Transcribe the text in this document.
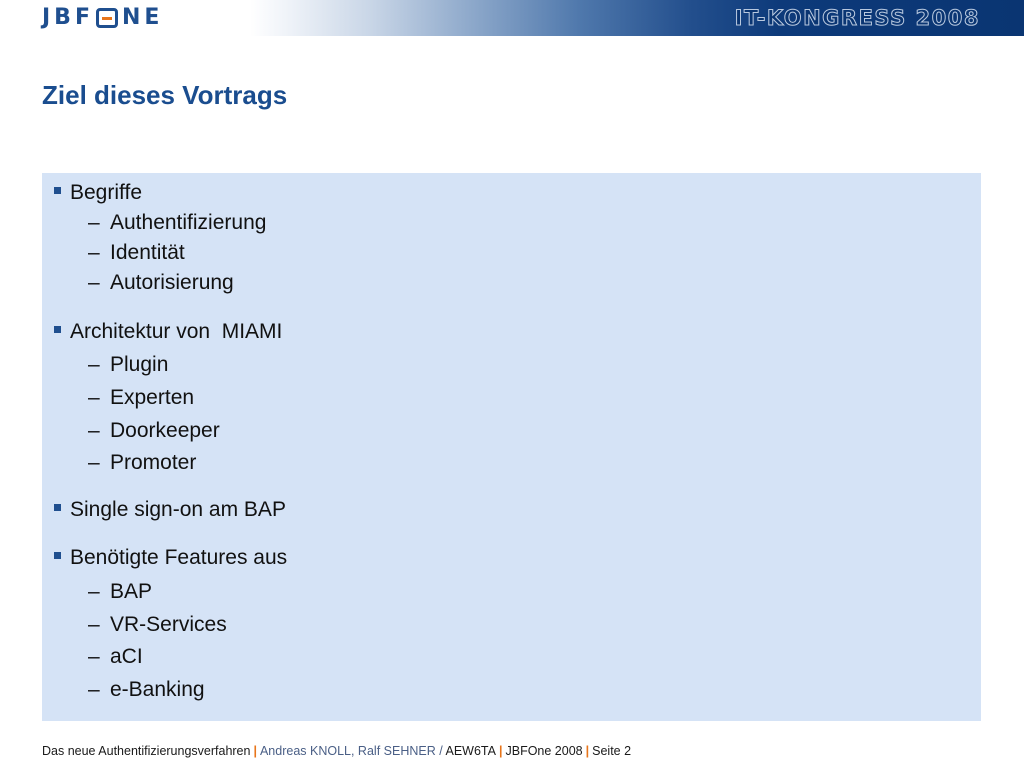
JBF NE	IT-KONGRESS 2008
Ziel dieses Vortrags
Begriffe
– Authentifizierung
– Identität
– Autorisierung
Architektur von  MIAMI
– Plugin
– Experten
– Doorkeeper
– Promoter
Single sign-on am BAP
Benötigte Features aus
– BAP
– VR-Services
– aCI
– e-Banking
Das neue Authentifizierungsverfahren | Andreas KNOLL, Ralf SEHNER / AEW6TA | JBFOne 2008 | Seite 2
